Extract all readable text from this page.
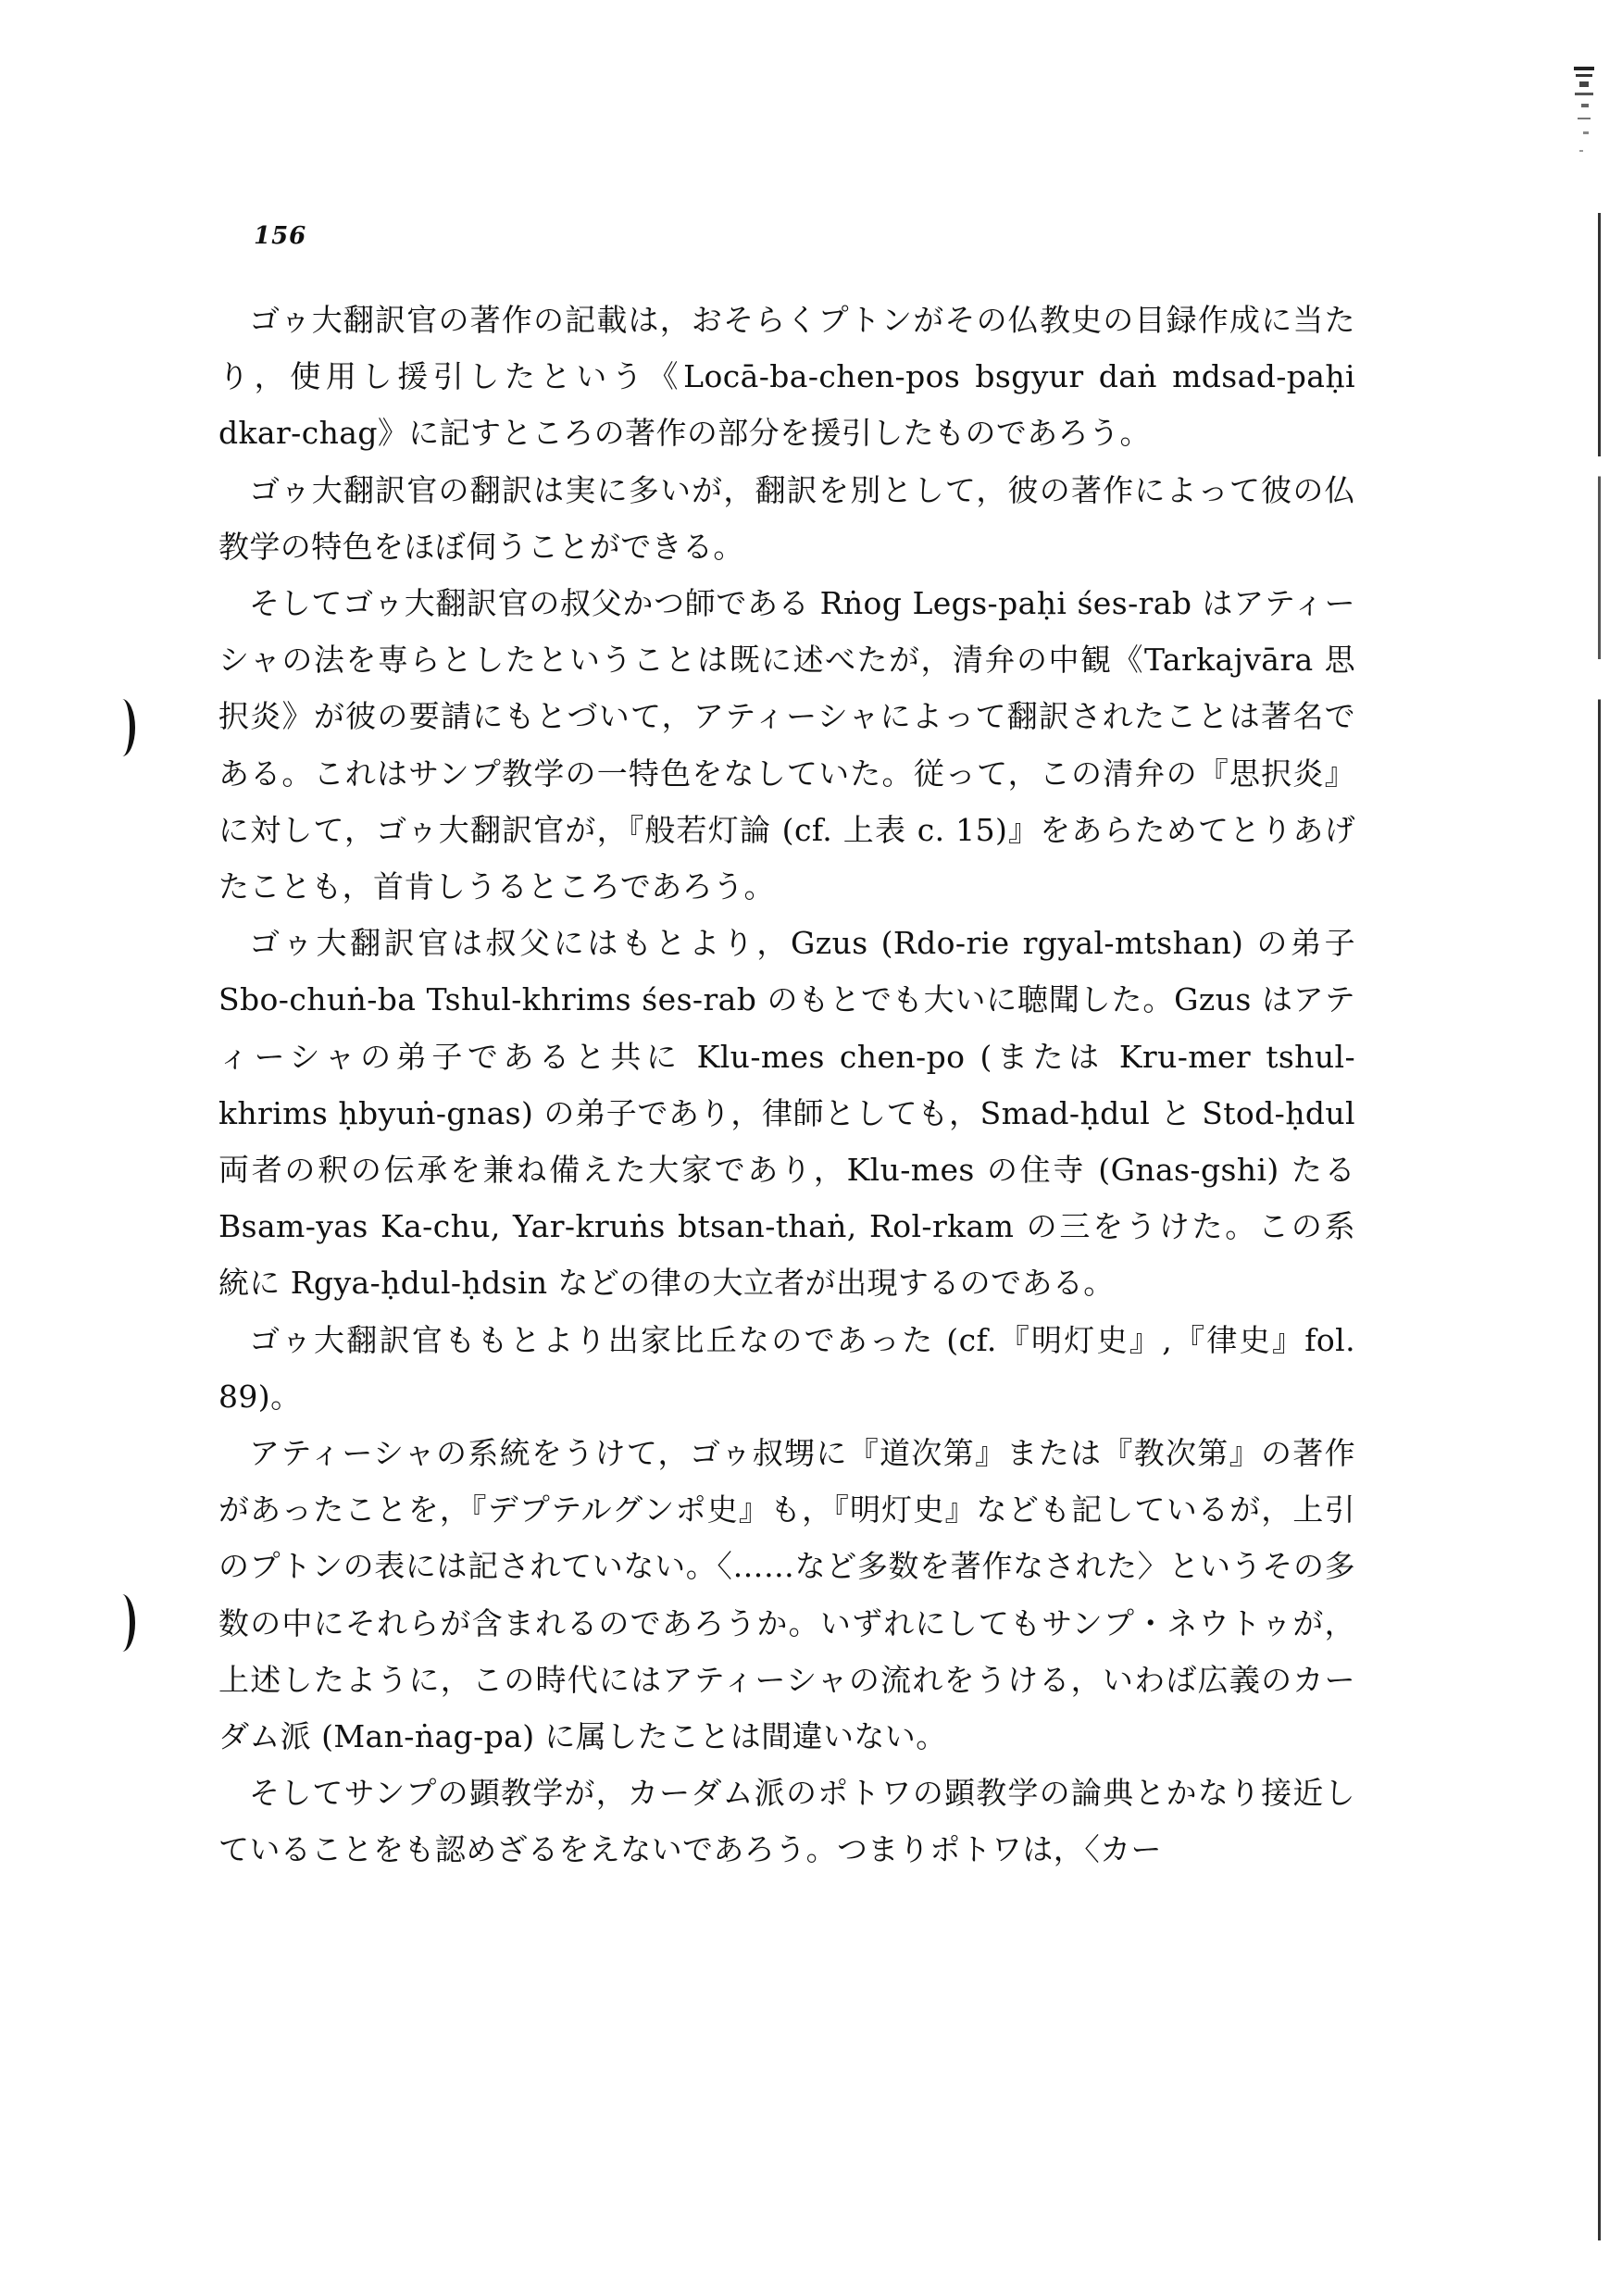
156

ゴゥ大翻訳官の著作の記載は，おそらくプトンがその仏教史の目録作成に当たり，使用し援引したという《Locā-ba-chen-pos bsgyur daṅ mdsad-paḥi dkar-chag》に記すところの著作の部分を援引したものであろう。

ゴゥ大翻訳官の翻訳は実に多いが，翻訳を別として，彼の著作によって彼の仏教学の特色をほぼ伺うことができる。

そしてゴゥ大翻訳官の叔父かつ師である Rṅog Legs-paḥi śes-rab はアティーシャの法を専らとしたということは既に述べたが，清弁の中観《Tarkajvāra 思択炎》が彼の要請にもとづいて，アティーシャによって翻訳されたことは著名である。これはサンプ教学の一特色をなしていた。従って，この清弁の『思択炎』に対して，ゴゥ大翻訳官が，『般若灯論 (cf. 上表 c. 15)』をあらためてとりあげたことも，首肯しうるところであろう。

ゴゥ大翻訳官は叔父にはもとより，Gzus (Rdo-rie rgyal-mtshan) の弟子 Sbo-chuṅ-ba Tshul-khrims śes-rab のもとでも大いに聴聞した。Gzus はアティーシャの弟子であると共に Klu-mes chen-po (または Kru-mer tshul-khrims ḥbyuṅ-gnas) の弟子であり，律師としても，Smad-ḥdul と Stod-ḥdul 両者の釈の伝承を兼ね備えた大家であり，Klu-mes の住寺 (Gnas-gshi) たる Bsam-yas Ka-chu, Yar-kruṅs btsan-thaṅ, Rol-rkam の三をうけた。この系統に Rgya-ḥdul-ḥdsin などの律の大立者が出現するのである。

ゴゥ大翻訳官ももとより出家比丘なのであった (cf.『明灯史』,『律史』fol. 89)。

アティーシャの系統をうけて，ゴゥ叔甥に『道次第』または『教次第』の著作があったことを，『デプテルグンポ史』も，『明灯史』なども記しているが，上引のプトンの表には記されていない。〈……など多数を著作なされた〉というその多数の中にそれらが含まれるのであろうか。いずれにしてもサンプ・ネウトゥが，上述したように，この時代にはアティーシャの流れをうける，いわば広義のカーダム派 (Man-ṅag-pa) に属したことは間違いない。

そしてサンプの顕教学が，カーダム派のポトワの顕教学の論典とかなり接近していることをも認めざるをえないであろう。つまりポトワは，〈カー
